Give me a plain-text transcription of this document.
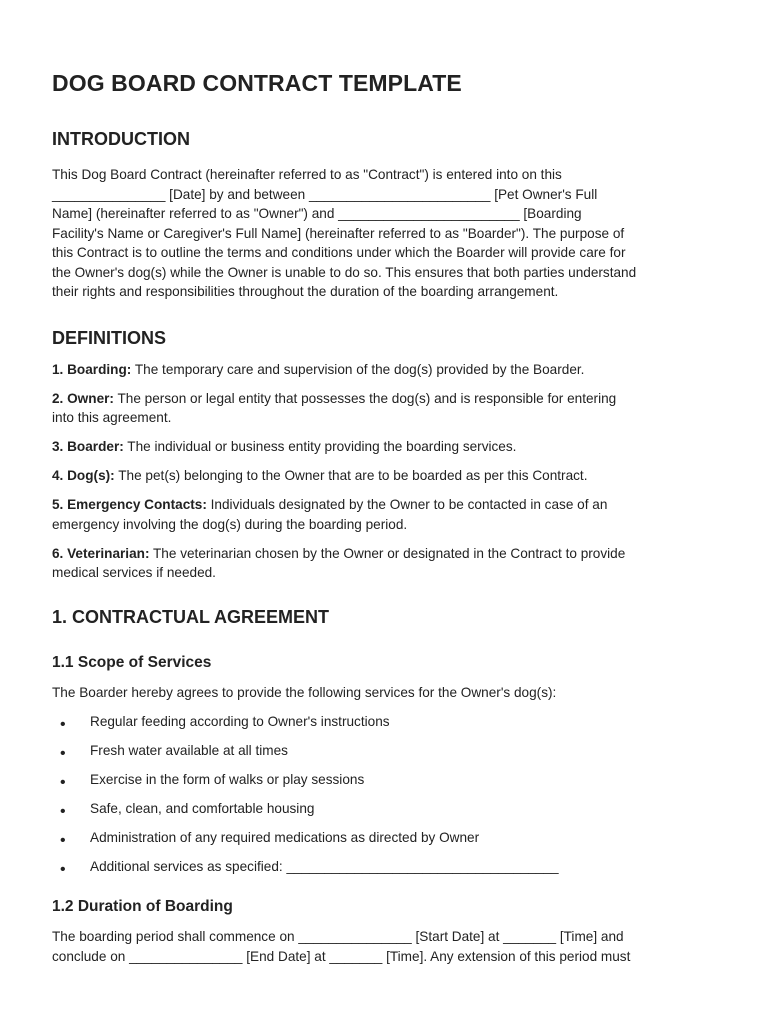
DOG BOARD CONTRACT TEMPLATE
INTRODUCTION

This Dog Board Contract (hereinafter referred to as "Contract") is entered into on this
_______________ [Date] by and between ________________________ [Pet Owner's Full
Name] (hereinafter referred to as "Owner") and ________________________ [Boarding
Facility's Name or Caregiver's Full Name] (hereinafter referred to as "Boarder"). The purpose of
this Contract is to outline the terms and conditions under which the Boarder will provide care for
the Owner's dog(s) while the Owner is unable to do so. This ensures that both parties understand
their rights and responsibilities throughout the duration of the boarding arrangement.

DEFINITIONS

1. Boarding: The temporary care and supervision of the dog(s) provided by the Boarder.

2. Owner: The person or legal entity that possesses the dog(s) and is responsible for entering
into this agreement.

3. Boarder: The individual or business entity providing the boarding services.

4. Dog(s): The pet(s) belonging to the Owner that are to be boarded as per this Contract.

5. Emergency Contacts: Individuals designated by the Owner to be contacted in case of an
emergency involving the dog(s) during the boarding period.

6. Veterinarian: The veterinarian chosen by the Owner or designated in the Contract to provide
medical services if needed.

1. CONTRACTUAL AGREEMENT
1.1 Scope of Services

The Boarder hereby agrees to provide the following services for the Owner's dog(s):

• Regular feeding according to Owner's instructions
• Fresh water available at all times
• Exercise in the form of walks or play sessions
• Safe, clean, and comfortable housing
• Administration of any required medications as directed by Owner
• Additional services as specified: ____________________________________
1.2 Duration of Boarding

The boarding period shall commence on _______________ [Start Date] at _______ [Time] and
conclude on _______________ [End Date] at _______ [Time]. Any extension of this period must
